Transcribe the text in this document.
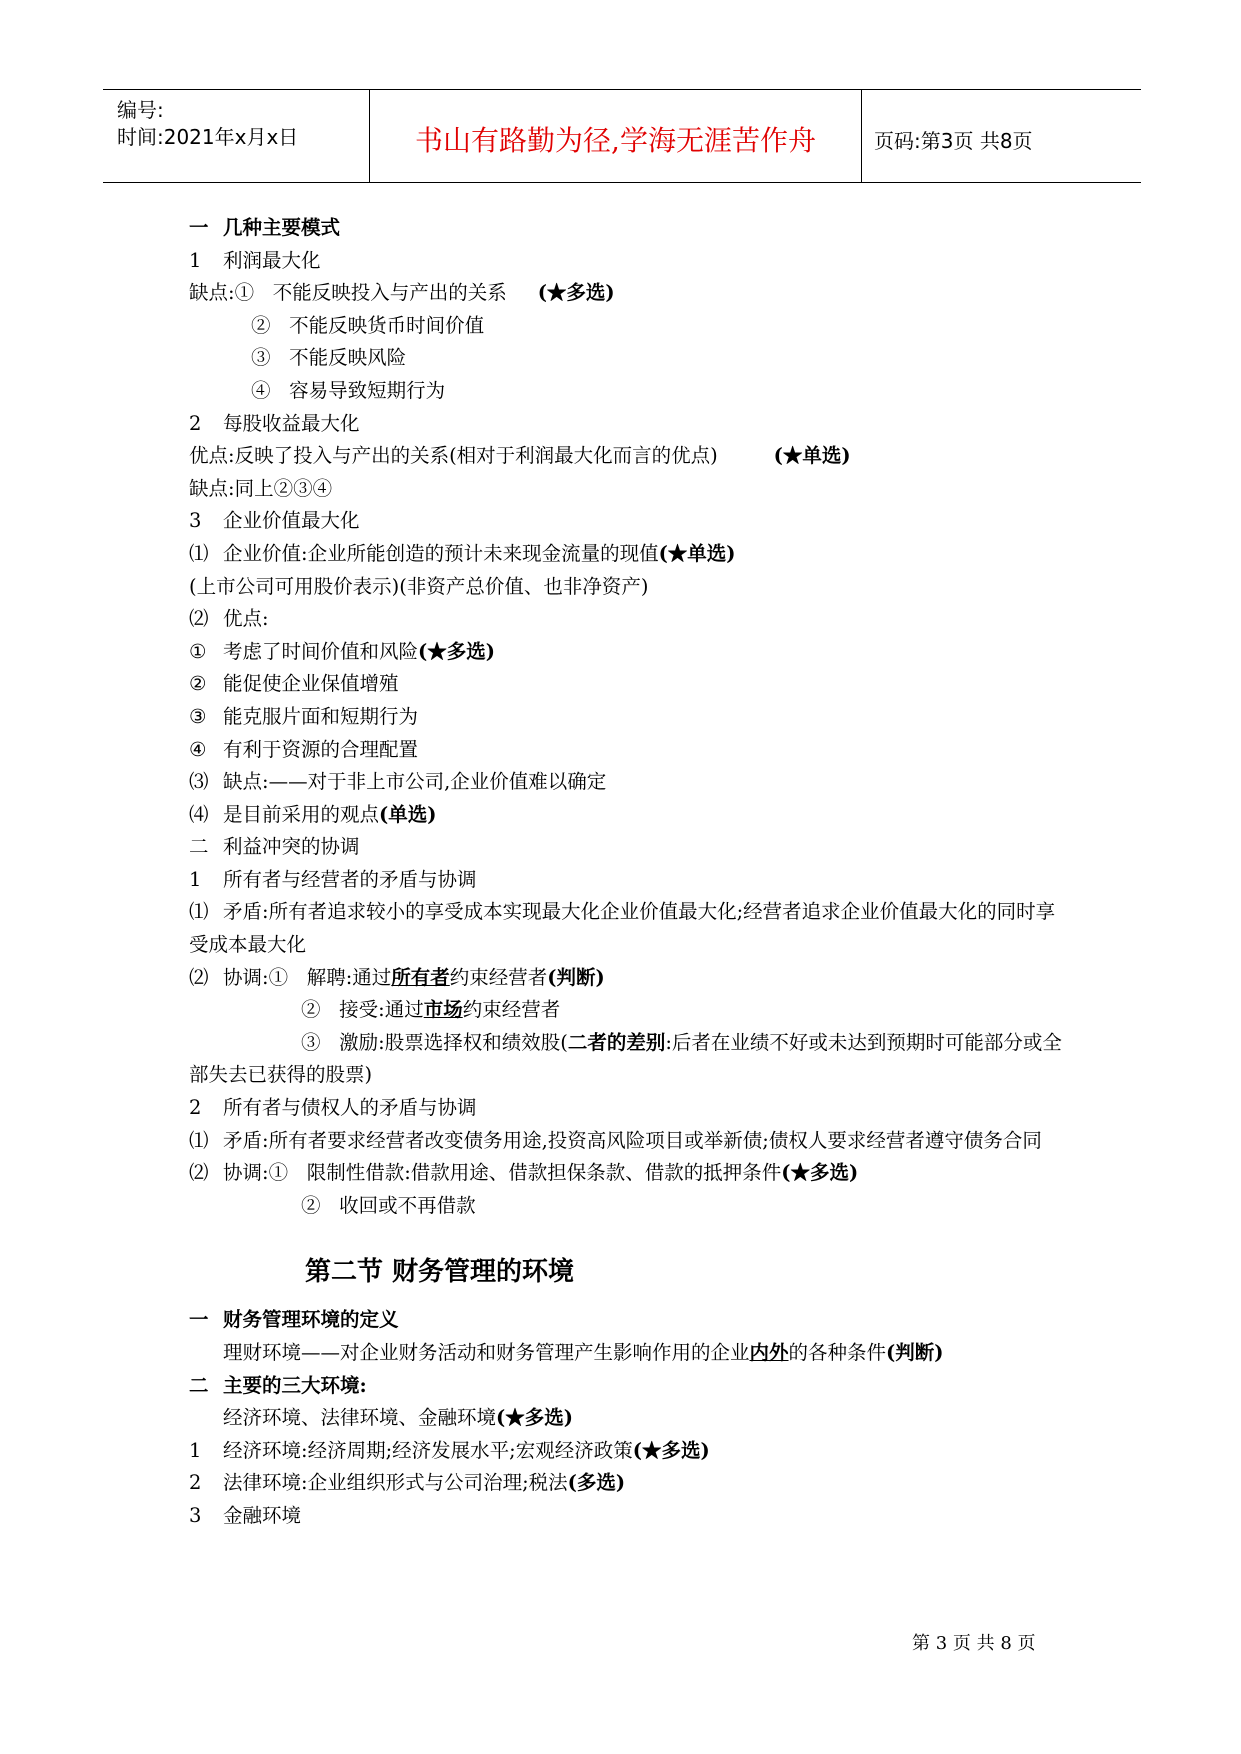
编号:
时间:2021年x月x日	书山有路勤为径,学海无涯苦作舟	页码:第3页 共8页
一 几种主要模式
1 利润最大化
缺点:① 不能反映投入与产出的关系 (★多选)
② 不能反映货币时间价值
③ 不能反映风险
④ 容易导致短期行为
2 每股收益最大化
优点:反映了投入与产出的关系(相对于利润最大化而言的优点)	(★单选)
缺点:同上②③④
3 企业价值最大化
⑴ 企业价值:企业所能创造的预计未来现金流量的现值(★单选)
(上市公司可用股价表示)(非资产总价值、也非净资产)
⑵ 优点:
① 考虑了时间价值和风险(★多选)
② 能促使企业保值增殖
③ 能克服片面和短期行为
④ 有利于资源的合理配置
⑶ 缺点:——对于非上市公司,企业价值难以确定
⑷ 是目前采用的观点(单选)
二 利益冲突的协调
1 所有者与经营者的矛盾与协调
⑴ 矛盾:所有者追求较小的享受成本实现最大化企业价值最大化;经营者追求企业价值最大化的同时享受成本最大化
⑵ 协调:① 解聘:通过所有者约束经营者(判断)
② 接受:通过市场约束经营者
③ 激励:股票选择权和绩效股(二者的差别:后者在业绩不好或未达到预期时可能部分或全部失去已获得的股票)
2 所有者与债权人的矛盾与协调
⑴ 矛盾:所有者要求经营者改变债务用途,投资高风险项目或举新债;债权人要求经营者遵守债务合同
⑵ 协调:① 限制性借款:借款用途、借款担保条款、借款的抵押条件(★多选)
② 收回或不再借款
第二节 财务管理的环境
一 财务管理环境的定义
理财环境——对企业财务活动和财务管理产生影响作用的企业内外的各种条件(判断)
二 主要的三大环境:
经济环境、法律环境、金融环境(★多选)
1 经济环境:经济周期;经济发展水平;宏观经济政策(★多选)
2 法律环境:企业组织形式与公司治理;税法(多选)
3 金融环境
第 3 页 共 8 页
